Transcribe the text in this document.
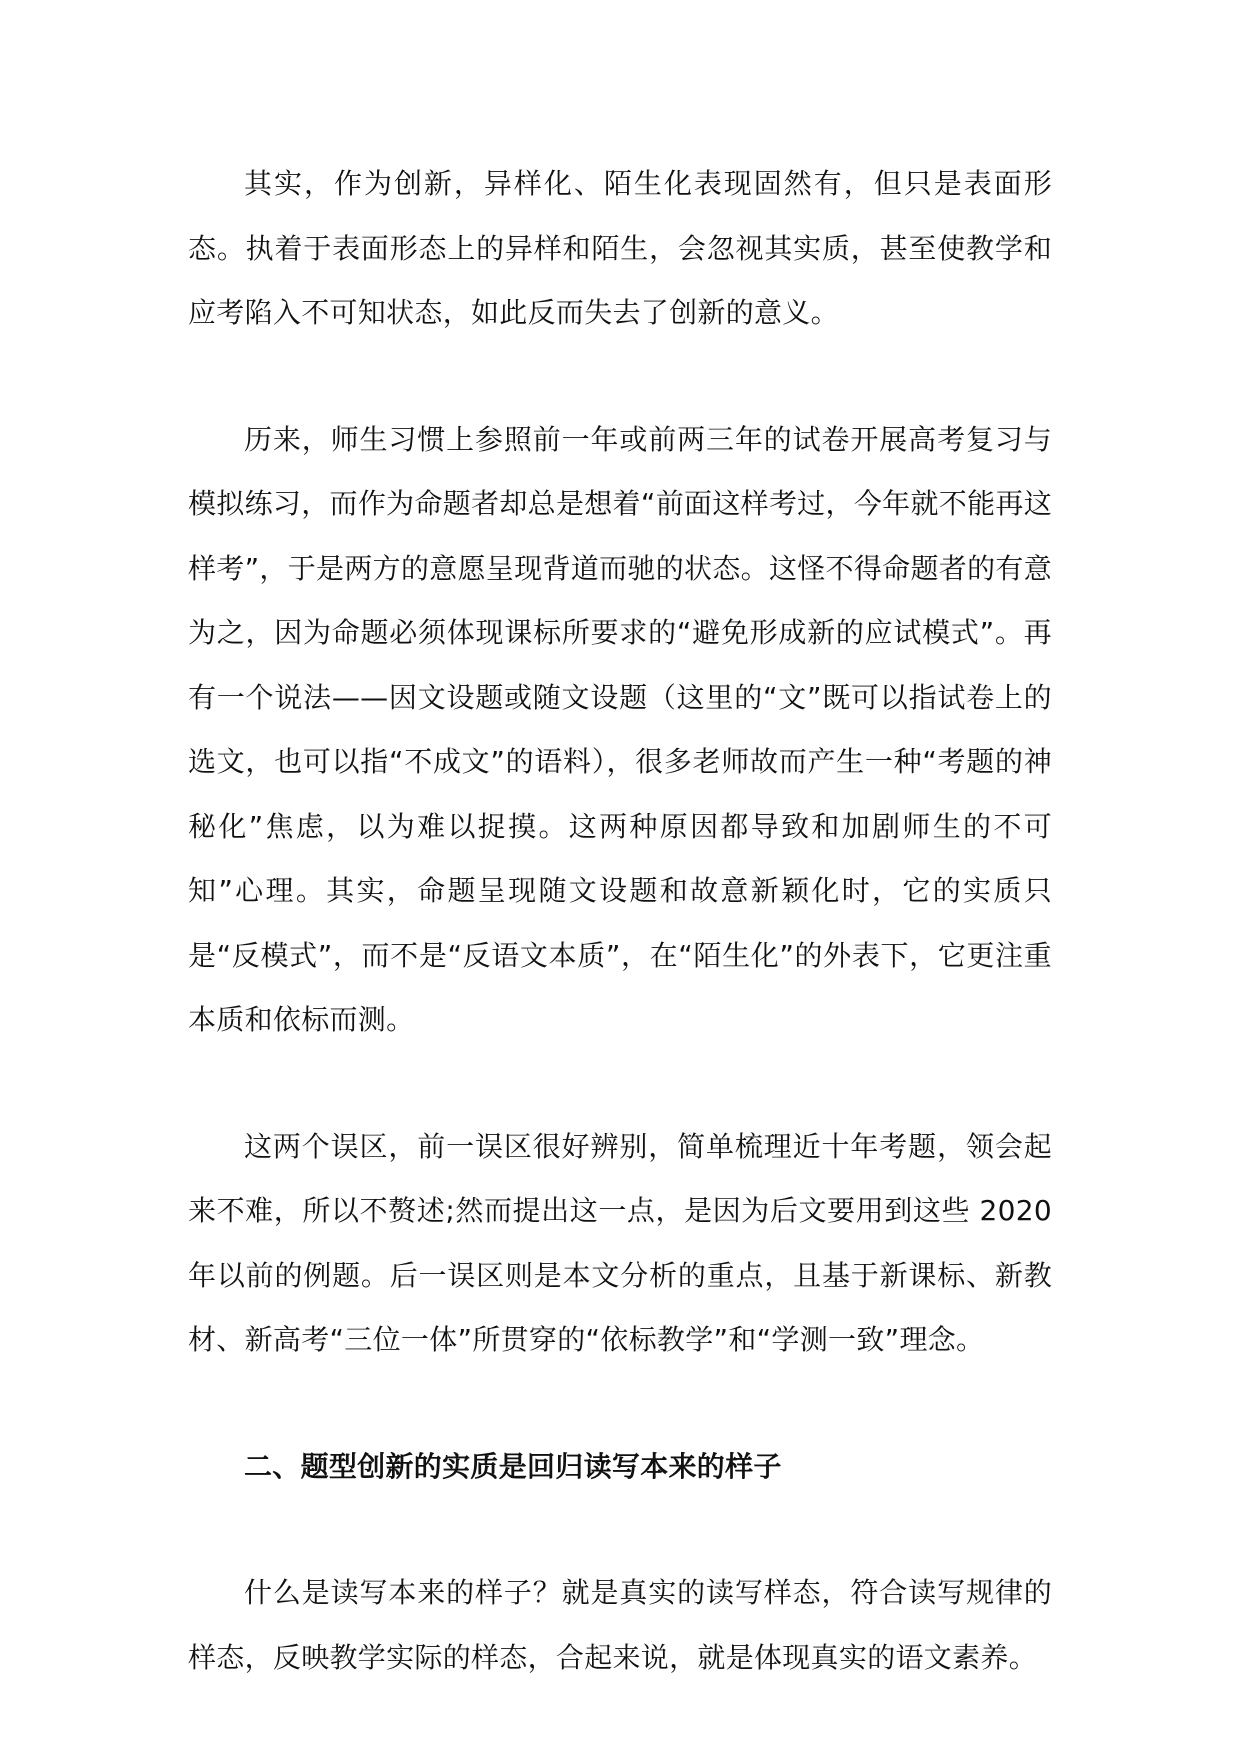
其实，作为创新，异样化、陌生化表现固然有，但只是表面形态。执着于表面形态上的异样和陌生，会忽视其实质，甚至使教学和应考陷入不可知状态，如此反而失去了创新的意义。

历来，师生习惯上参照前一年或前两三年的试卷开展高考复习与模拟练习，而作为命题者却总是想着“前面这样考过，今年就不能再这样考”，于是两方的意愿呈现背道而驰的状态。这怪不得命题者的有意为之，因为命题必须体现课标所要求的“避免形成新的应试模式”。再有一个说法——因文设题或随文设题（这里的“文”既可以指试卷上的选文，也可以指“不成文”的语料），很多老师故而产生一种“考题的神秘化”焦虑，以为难以捉摸。这两种原因都导致和加剧师生的不可知”心理。其实，命题呈现随文设题和故意新颖化时，它的实质只是“反模式”，而不是“反语文本质”，在“陌生化”的外表下，它更注重本质和依标而测。

这两个误区，前一误区很好辨别，简单梳理近十年考题，领会起来不难，所以不赘述;然而提出这一点，是因为后文要用到这些 2020 年以前的例题。后一误区则是本文分析的重点，且基于新课标、新教材、新高考“三位一体”所贯穿的“依标教学”和“学测一致”理念。

二、题型创新的实质是回归读写本来的样子

什么是读写本来的样子？就是真实的读写样态，符合读写规律的样态，反映教学实际的样态，合起来说，就是体现真实的语文素养。
